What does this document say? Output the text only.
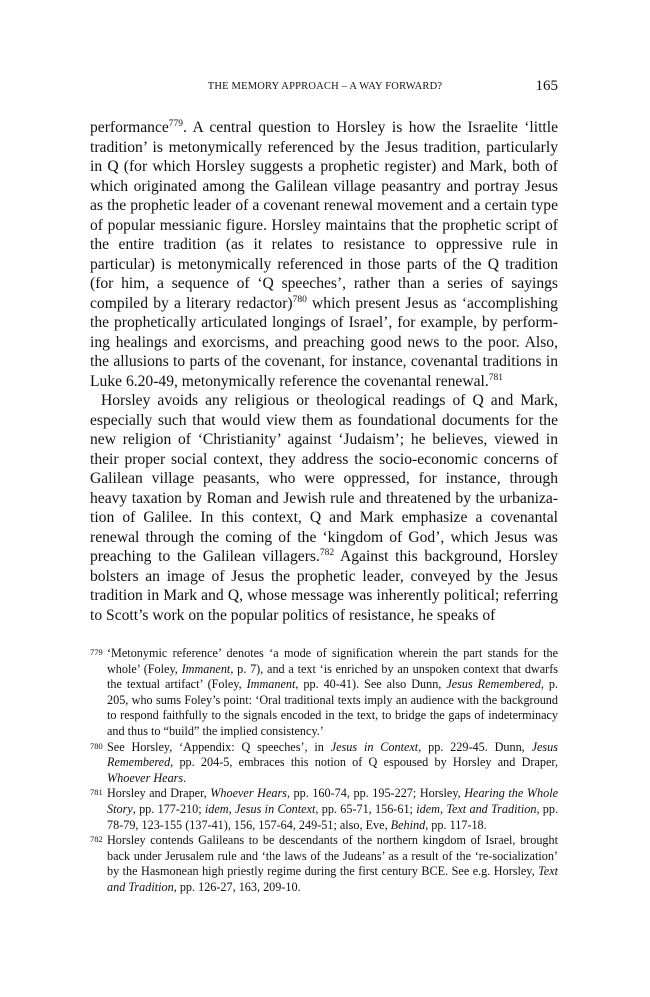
THE MEMORY APPROACH – A WAY FORWARD?	165

performance$^{779}$. A central question to Horsley is how the Israelite ‘little tradition’ is metonymically referenced by the Jesus tradition, particularly in Q (for which Horsley suggests a prophetic register) and Mark, both of which originated among the Galilean village peasantry and portray Jesus as the prophetic leader of a covenant renewal movement and a certain type of popular messianic figure. Horsley maintains that the prophetic script of the entire tradition (as it relates to resistance to oppressive rule in particular) is metonymically referenced in those parts of the Q tradition (for him, a sequence of ‘Q speeches’, rather than a series of sayings compiled by a literary redactor)$^{780}$ which present Jesus as ‘accomplishing the prophetically articulated longings of Israel’, for example, by performing healings and exorcisms, and preaching good news to the poor. Also, the allusions to parts of the covenant, for instance, covenantal traditions in Luke 6.20-49, metonymically reference the covenantal renewal.$^{781}$

Horsley avoids any religious or theological readings of Q and Mark, especially such that would view them as foundational documents for the new religion of ‘Christianity’ against ‘Judaism’; he believes, viewed in their proper social context, they address the socio-economic concerns of Galilean village peasants, who were oppressed, for instance, through heavy taxation by Roman and Jewish rule and threatened by the urbanization of Galilee. In this context, Q and Mark emphasize a covenantal renewal through the coming of the ‘kingdom of God’, which Jesus was preaching to the Galilean villagers.$^{782}$ Against this background, Horsley bolsters an image of Jesus the prophetic leader, conveyed by the Jesus tradition in Mark and Q, whose message was inherently political; referring to Scott’s work on the popular politics of resistance, he speaks of

779 ‘Metonymic reference’ denotes ‘a mode of signification wherein the part stands for the whole’ (Foley, Immanent, p. 7), and a text ‘is enriched by an unspoken context that dwarfs the textual artifact’ (Foley, Immanent, pp. 40-41). See also Dunn, Jesus Remembered, p. 205, who sums Foley’s point: ‘Oral traditional texts imply an audience with the background to respond faithfully to the signals encoded in the text, to bridge the gaps of indeterminacy and thus to “build” the implied consistency.’
780 See Horsley, ‘Appendix: Q speeches’, in Jesus in Context, pp. 229-45. Dunn, Jesus Remembered, pp. 204-5, embraces this notion of Q espoused by Horsley and Draper, Whoever Hears.
781 Horsley and Draper, Whoever Hears, pp. 160-74, pp. 195-227; Horsley, Hearing the Whole Story, pp. 177-210; idem, Jesus in Context, pp. 65-71, 156-61; idem, Text and Tradition, pp. 78-79, 123-155 (137-41), 156, 157-64, 249-51; also, Eve, Behind, pp. 117-18.
782 Horsley contends Galileans to be descendants of the northern kingdom of Israel, brought back under Jerusalem rule and ‘the laws of the Judeans’ as a result of the ‘re-socialization’ by the Hasmonean high priestly regime during the first century BCE. See e.g. Horsley, Text and Tradition, pp. 126-27, 163, 209-10.
